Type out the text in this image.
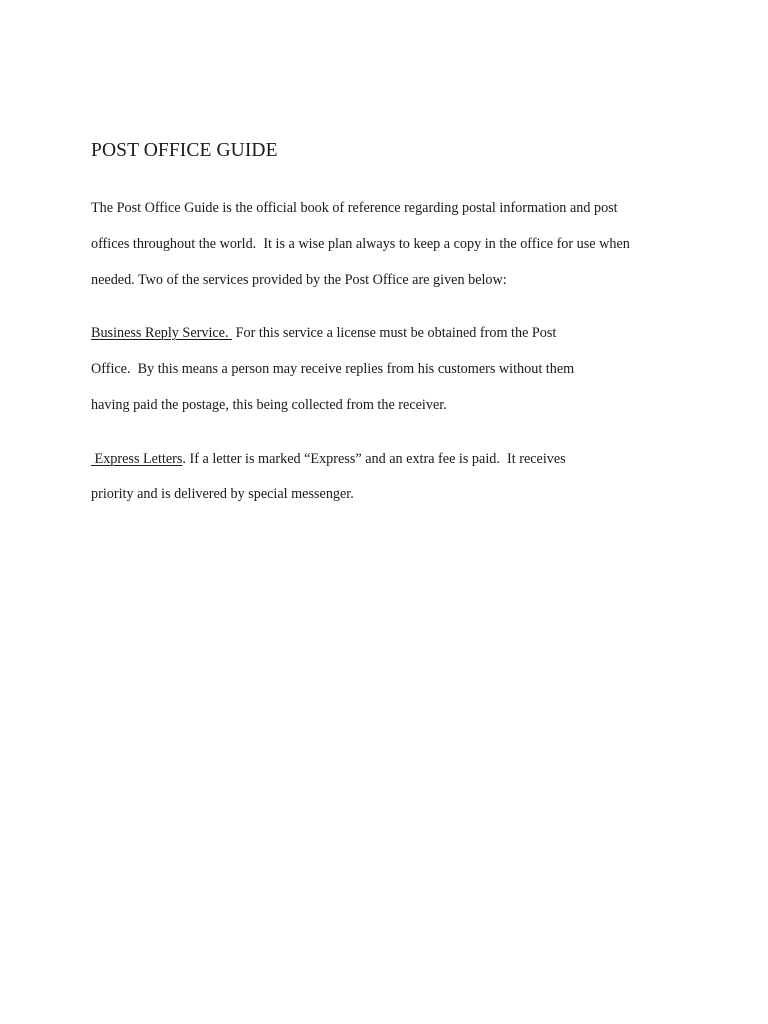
POST OFFICE GUIDE
The Post Office Guide is the official book of reference regarding postal information and post
offices throughout the world.  It is a wise plan always to keep a copy in the office for use when
needed. Two of the services provided by the Post Office are given below:
Business Reply Service.  For this service a license must be obtained from the Post
Office.  By this means a person may receive replies from his customers without them
having paid the postage, this being collected from the receiver.
Express Letters. If a letter is marked “Express” and an extra fee is paid.  It receives
priority and is delivered by special messenger.
